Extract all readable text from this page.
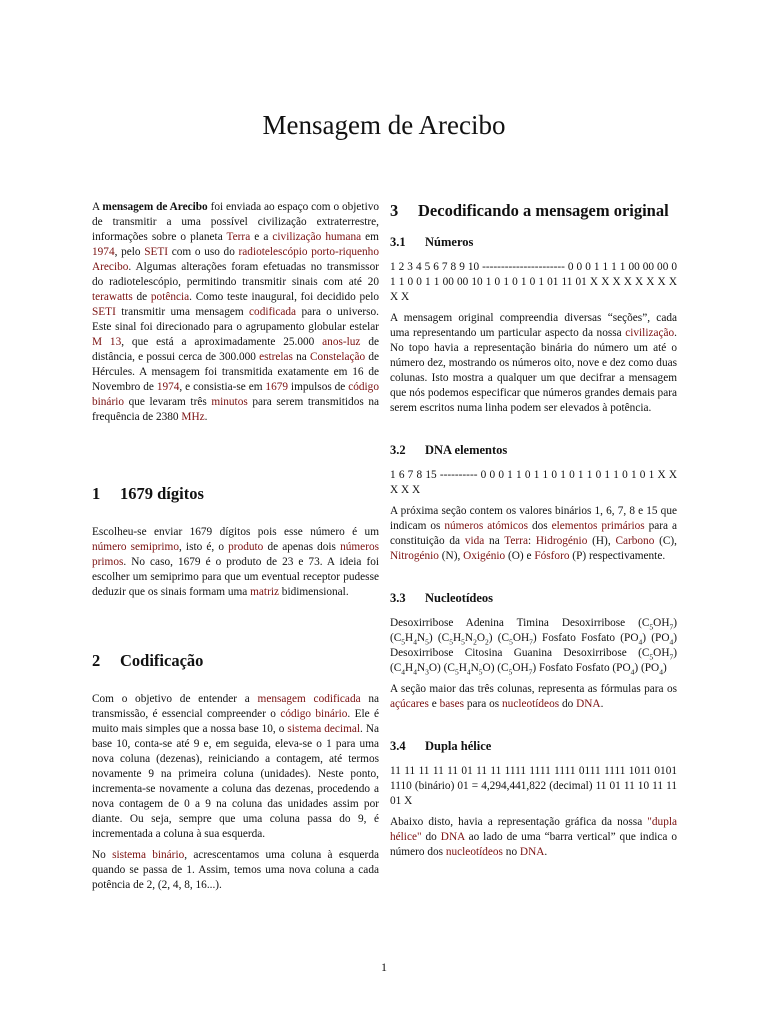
Mensagem de Arecibo

A mensagem de Arecibo foi enviada ao espaço com o objetivo de transmitir a uma possível civilização extraterrestre, informações sobre o planeta Terra e a civilização humana em 1974, pelo SETI com o uso do radiotelescópio porto-riquenho Arecibo. Algumas alterações foram efetuadas no transmissor do radiotelescópio, permitindo transmitir sinais com até 20 terawatts de potência. Como teste inaugural, foi decidido pelo SETI transmitir uma mensagem codificada para o universo. Este sinal foi direcionado para o agrupamento globular estelar M 13, que está a aproximadamente 25.000 anos-luz de distância, e possui cerca de 300.000 estrelas na Constelação de Hércules. A mensagem foi transmitida exatamente em 16 de Novembro de 1974, e consistia-se em 1679 impulsos de código binário que levaram três minutos para serem transmitidos na frequência de 2380 MHz.

1	1679 dígitos

Escolheu-se enviar 1679 dígitos pois esse número é um número semiprimo, isto é, o produto de apenas dois números primos. No caso, 1679 é o produto de 23 e 73. A ideia foi escolher um semiprimo para que um eventual receptor pudesse deduzir que os sinais formam uma matriz bidimensional.

2	Codificação

Com o objetivo de entender a mensagem codificada na transmissão, é essencial compreender o código binário. Ele é muito mais simples que a nossa base 10, o sistema decimal. Na base 10, conta-se até 9 e, em seguida, eleva-se o 1 para uma nova coluna (dezenas), reiniciando a contagem, até termos novamente 9 na primeira coluna (unidades). Neste ponto, incrementa-se novamente a coluna das dezenas, procedendo a nova contagem de 0 a 9 na coluna das unidades assim por diante. Ou seja, sempre que uma coluna passa do 9, é incrementada a coluna à sua esquerda.

No sistema binário, acrescentamos uma coluna à esquerda quando se passa de 1. Assim, temos uma nova coluna a cada potência de 2, (2, 4, 8, 16...).

3	Decodificando a mensagem original
3.1	Números

1 2 3 4 5 6 7 8 9 10 ---------------------- 0 0 0 1 1 1 1 00 00 00 0 1 1 0 0 1 1 00 00 10 1 0 1 0 1 0 1 01 11 01 X X X X X X X X X X

A mensagem original compreendia diversas “seções”, cada uma representando um particular aspecto da nossa civilização. No topo havia a representação binária do número um até o número dez, mostrando os números oito, nove e dez como duas colunas. Isto mostra a qualquer um que decifrar a mensagem que nós podemos especificar que números grandes demais para serem escritos numa linha podem ser elevados à potência.

3.2	DNA elementos

1 6 7 8 15 ---------- 0 0 0 1 1 0 1 1 0 1 0 1 1 0 1 1 0 1 0 1 X X X X X

A próxima seção contem os valores binários 1, 6, 7, 8 e 15 que indicam os números atómicos dos elementos primários para a constituição da vida na Terra: Hidrogénio (H), Carbono (C), Nitrogénio (N), Oxigénio (O) e Fósforo (P) respectivamente.

3.3	Nucleotídeos

Desoxirribose Adenina Timina Desoxirribose $(C_5OH_7)$ $(C_5H_4N_5)$ $(C_5H_5N_2O_2)$ $(C_5OH_7)$ Fosfato Fosfato $(PO_4)$ $(PO_4)$ Desoxirribose Citosina Guanina Desoxirribose $(C_5OH_7)$ $(C_4H_4N_3O)$ $(C_5H_4N_5O)$ $(C_5OH_7)$ Fosfato Fosfato $(PO_4)$ $(PO_4)$

A seção maior das três colunas, representa as fórmulas para os açúcares e bases para os nucleotídeos do DNA.

3.4	Dupla hélice

11 11 11 11 11 01 11 11 1111 1111 1111 0111 1111 1011 0101 1110 (binário) 01 = 4,294,441,822 (decimal) 11 01 11 10 11 11 01 X

Abaixo disto, havia a representação gráfica da nossa "dupla hélice" do DNA ao lado de uma “barra vertical” que indica o número dos nucleotídeos no DNA.

1
